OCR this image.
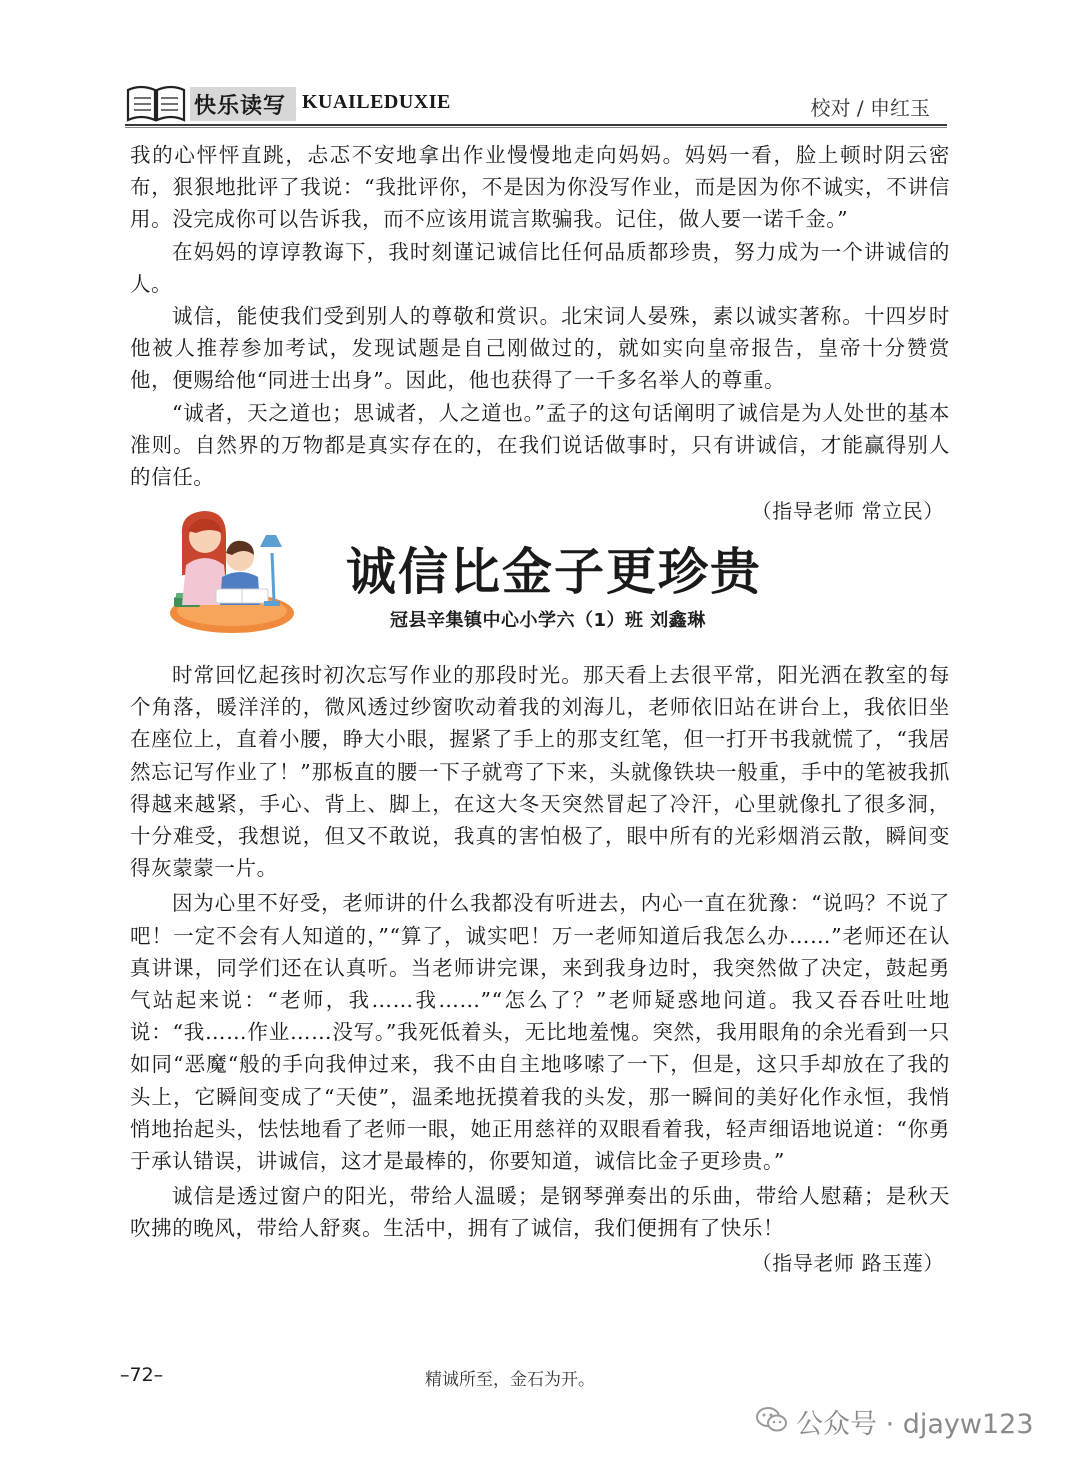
快乐读写 KUAILEDUXIE	校对 / 申红玉

我的心怦怦直跳，忐忑不安地拿出作业慢慢地走向妈妈。妈妈一看，脸上顿时阴云密布，狠狠地批评了我说：“我批评你，不是因为你没写作业，而是因为你不诚实，不讲信用。没完成你可以告诉我，而不应该用谎言欺骗我。记住，做人要一诺千金。”

在妈妈的谆谆教诲下，我时刻谨记诚信比任何品质都珍贵，努力成为一个讲诚信的人。

诚信，能使我们受到别人的尊敬和赏识。北宋词人晏殊，素以诚实著称。十四岁时他被人推荐参加考试，发现试题是自己刚做过的，就如实向皇帝报告，皇帝十分赞赏他，便赐给他“同进士出身”。因此，他也获得了一千多名举人的尊重。

“诚者，天之道也；思诚者，人之道也。”孟子的这句话阐明了诚信是为人处世的基本准则。自然界的万物都是真实存在的，在我们说话做事时，只有讲诚信，才能赢得别人的信任。

（指导老师 常立民）

诚信比金子更珍贵
冠县辛集镇中心小学六（1）班 刘鑫琳

时常回忆起孩时初次忘写作业的那段时光。那天看上去很平常，阳光洒在教室的每个角落，暖洋洋的，微风透过纱窗吹动着我的刘海儿，老师依旧站在讲台上，我依旧坐在座位上，直着小腰，睁大小眼，握紧了手上的那支红笔，但一打开书我就慌了，“我居然忘记写作业了！”那板直的腰一下子就弯了下来，头就像铁块一般重，手中的笔被我抓得越来越紧，手心、背上、脚上，在这大冬天突然冒起了冷汗，心里就像扎了很多洞，十分难受，我想说，但又不敢说，我真的害怕极了，眼中所有的光彩烟消云散，瞬间变得灰蒙蒙一片。

因为心里不好受，老师讲的什么我都没有听进去，内心一直在犹豫：“说吗？不说了吧！一定不会有人知道的，”“算了，诚实吧！万一老师知道后我怎么办……”老师还在认真讲课，同学们还在认真听。当老师讲完课，来到我身边时，我突然做了决定，鼓起勇气站起来说：“老师，我……我……”“怎么了？”老师疑惑地问道。我又吞吞吐吐地说：“我……作业……没写。”我死低着头，无比地羞愧。突然，我用眼角的余光看到一只如同“恶魔“般的手向我伸过来，我不由自主地哆嗦了一下，但是，这只手却放在了我的头上，它瞬间变成了“天使”，温柔地抚摸着我的头发，那一瞬间的美好化作永恒，我悄悄地抬起头，怯怯地看了老师一眼，她正用慈祥的双眼看着我，轻声细语地说道：“你勇于承认错误，讲诚信，这才是最棒的，你要知道，诚信比金子更珍贵。”

诚信是透过窗户的阳光，带给人温暖；是钢琴弹奏出的乐曲，带给人慰藉；是秋天吹拂的晚风，带给人舒爽。生活中，拥有了诚信，我们便拥有了快乐！

（指导老师 路玉莲）

–72–	精诚所至，金石为开。
公众号 · djayw123
